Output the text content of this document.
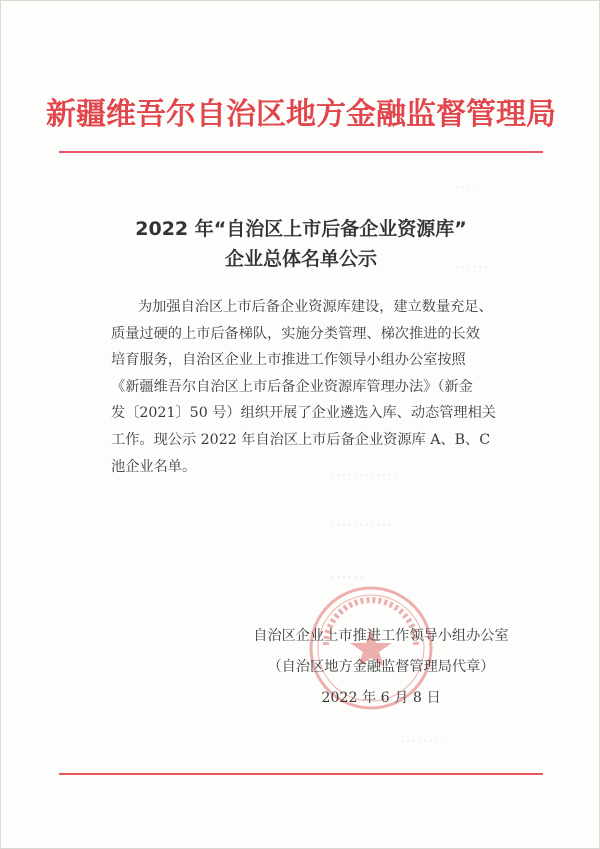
新疆维吾尔自治区地方金融监督管理局
· · · ·
· · · · · ·
· · · · · · · · · · · ·
· · · · · · · · · · ·
· · · · · ·
· · · · · · · ·
2022 年“自治区上市后备企业资源库”
企业总体名单公示
为加强自治区上市后备企业资源库建设，建立数量充足、
质量过硬的上市后备梯队，实施分类管理、梯次推进的长效
培育服务，自治区企业上市推进工作领导小组办公室按照
《新疆维吾尔自治区上市后备企业资源库管理办法》（新金
发〔2021〕50 号）组织开展了企业遴选入库、动态管理相关
工作。现公示 2022 年自治区上市后备企业资源库 A、B、C
池企业名单。
自治区企业上市推进工作领导小组办公室
（自治区地方金融监督管理局代章）
2022 年 6 月 8 日
